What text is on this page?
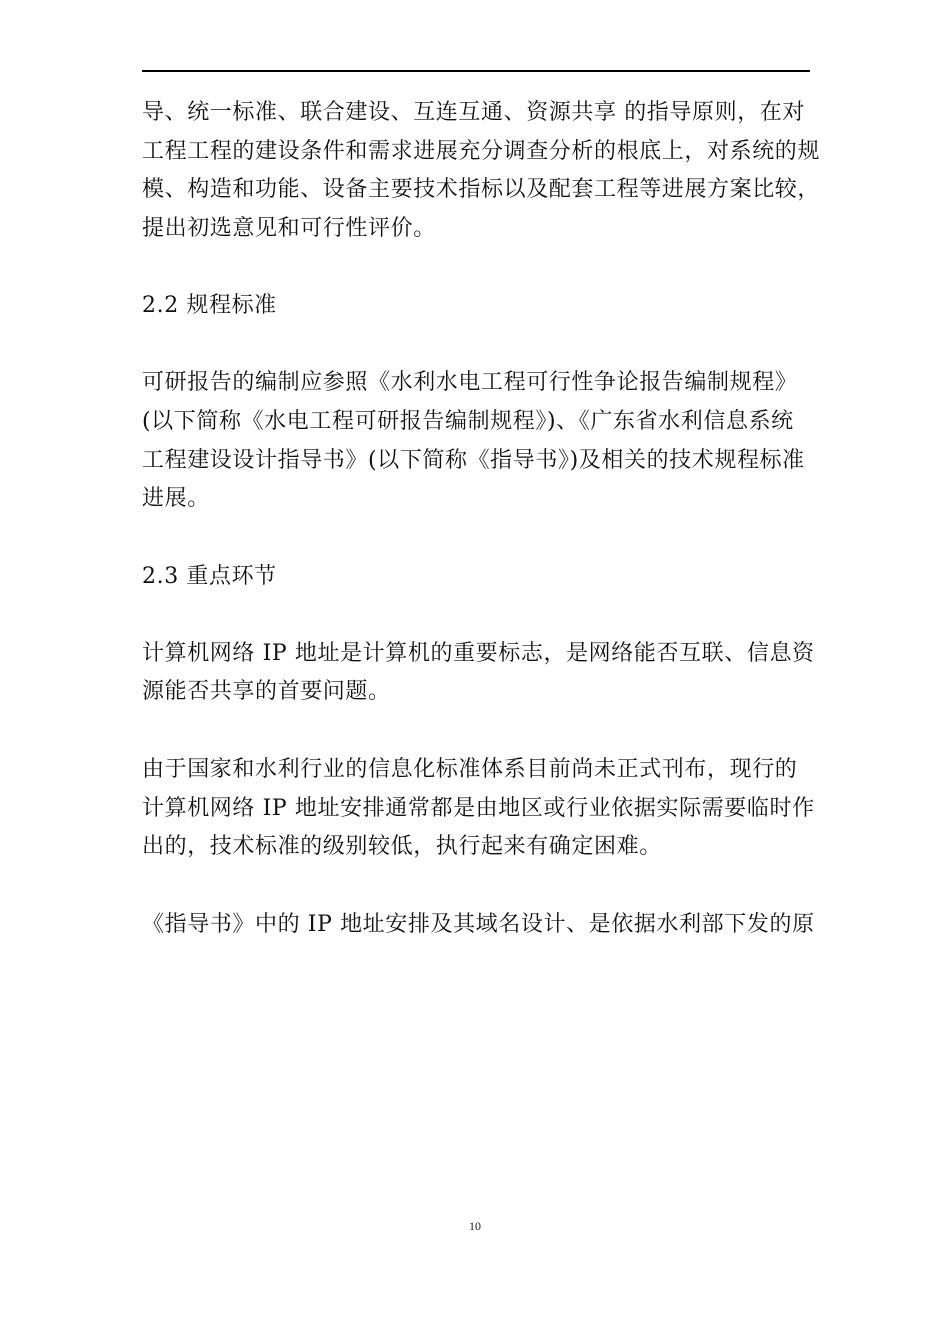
导、统一标准、联合建设、互连互通、资源共享 的指导原则，在对
工程工程的建设条件和需求进展充分调查分析的根底上，对系统的规
模、构造和功能、设备主要技术指标以及配套工程等进展方案比较，
提出初选意见和可行性评价。

2.2 规程标准

可研报告的编制应参照《水利水电工程可行性争论报告编制规程》
(以下简称《水电工程可研报告编制规程》)、《广东省水利信息系统
工程建设设计指导书》(以下简称《指导书》)及相关的技术规程标准
进展。

2.3 重点环节

计算机网络 IP 地址是计算机的重要标志，是网络能否互联、信息资
源能否共享的首要问题。

由于国家和水利行业的信息化标准体系目前尚未正式刊布，现行的
计算机网络 IP 地址安排通常都是由地区或行业依据实际需要临时作
出的，技术标准的级别较低，执行起来有确定困难。

《指导书》中的 IP 地址安排及其域名设计、是依据水利部下发的原

10
